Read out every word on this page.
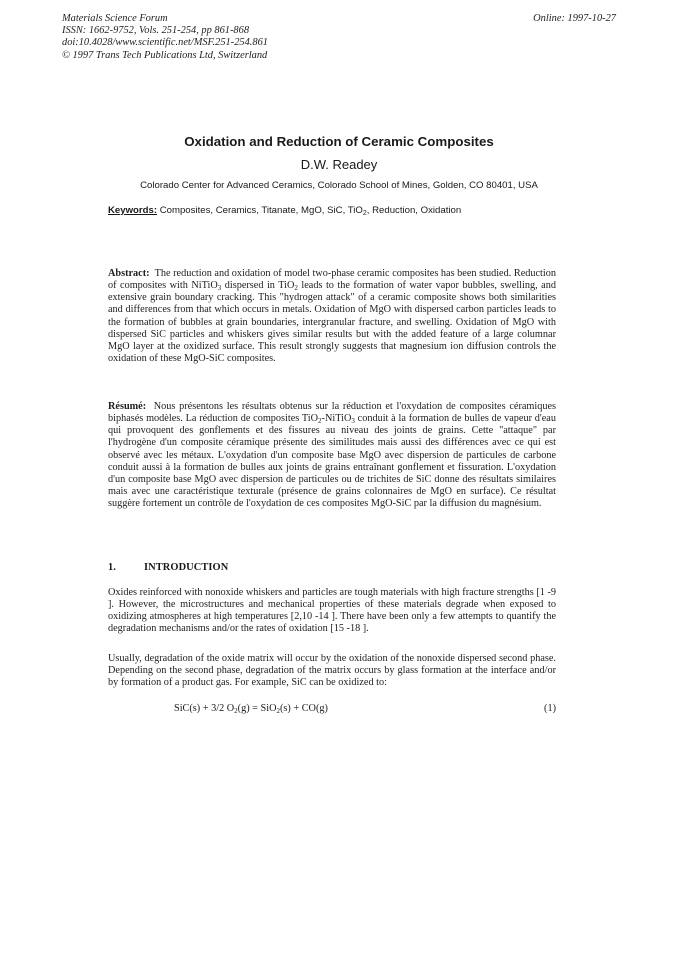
Materials Science Forum
ISSN: 1662-9752, Vols. 251-254, pp 861-868
doi:10.4028/www.scientific.net/MSF.251-254.861
© 1997 Trans Tech Publications Ltd, Switzerland
Online: 1997-10-27
Oxidation and Reduction of Ceramic Composites
D.W. Readey
Colorado Center for Advanced Ceramics, Colorado School of Mines, Golden, CO 80401, USA
Keywords: Composites, Ceramics, Titanate, MgO, SiC, TiO$_2$, Reduction, Oxidation

Abstract: The reduction and oxidation of model two-phase ceramic composites has been studied. Reduction of composites with NiTiO$_3$ dispersed in TiO$_2$ leads to the formation of water vapor bubbles, swelling, and extensive grain boundary cracking. This "hydrogen attack" of a ceramic composite shows both similarities and differences from that which occurs in metals. Oxidation of MgO with dispersed carbon particles leads to the formation of bubbles at grain boundaries, intergranular fracture, and swelling. Oxidation of MgO with dispersed SiC particles and whiskers gives similar results but with the added feature of a large columnar MgO layer at the oxidized surface. This result strongly suggests that magnesium ion diffusion controls the oxidation of these MgO-SiC composites.

Résumé: Nous présentons les résultats obtenus sur la réduction et l'oxydation de composites céramiques biphasés modèles. La réduction de composites TiO$_2$-NiTiO$_3$ conduit à la formation de bulles de vapeur d'eau qui provoquent des gonflements et des fissures au niveau des joints de grains. Cette "attaque" par l'hydrogène d'un composite céramique présente des similitudes mais aussi des différences avec ce qui est observé avec les métaux. L'oxydation d'un composite base MgO avec dispersion de particules de carbone conduit aussi à la formation de bulles aux joints de grains entraînant gonflement et fissuration. L'oxydation d'un composite base MgO avec dispersion de particules ou de trichites de SiC donne des résultats similaires mais avec une caractéristique texturale (présence de grains colonnaires de MgO en surface). Ce résultat suggère fortement un contrôle de l'oxydation de ces composites MgO-SiC par la diffusion du magnésium.

1.	INTRODUCTION

Oxides reinforced with nonoxide whiskers and particles are tough materials with high fracture strengths [1 -9 ]. However, the microstructures and mechanical properties of these materials degrade when exposed to oxidizing atmospheres at high temperatures [2,10 -14 ]. There have been only a few attempts to quantify the degradation mechanisms and/or the rates of oxidation [15 -18 ].

Usually, degradation of the oxide matrix will occur by the oxidation of the nonoxide dispersed second phase. Depending on the second phase, degradation of the matrix occurs by glass formation at the interface and/or by formation of a product gas. For example, SiC can be oxidized to:

SiC(s) + 3/2 $O_2(g) = SiO_2(s) + CO(g)$	(1)
